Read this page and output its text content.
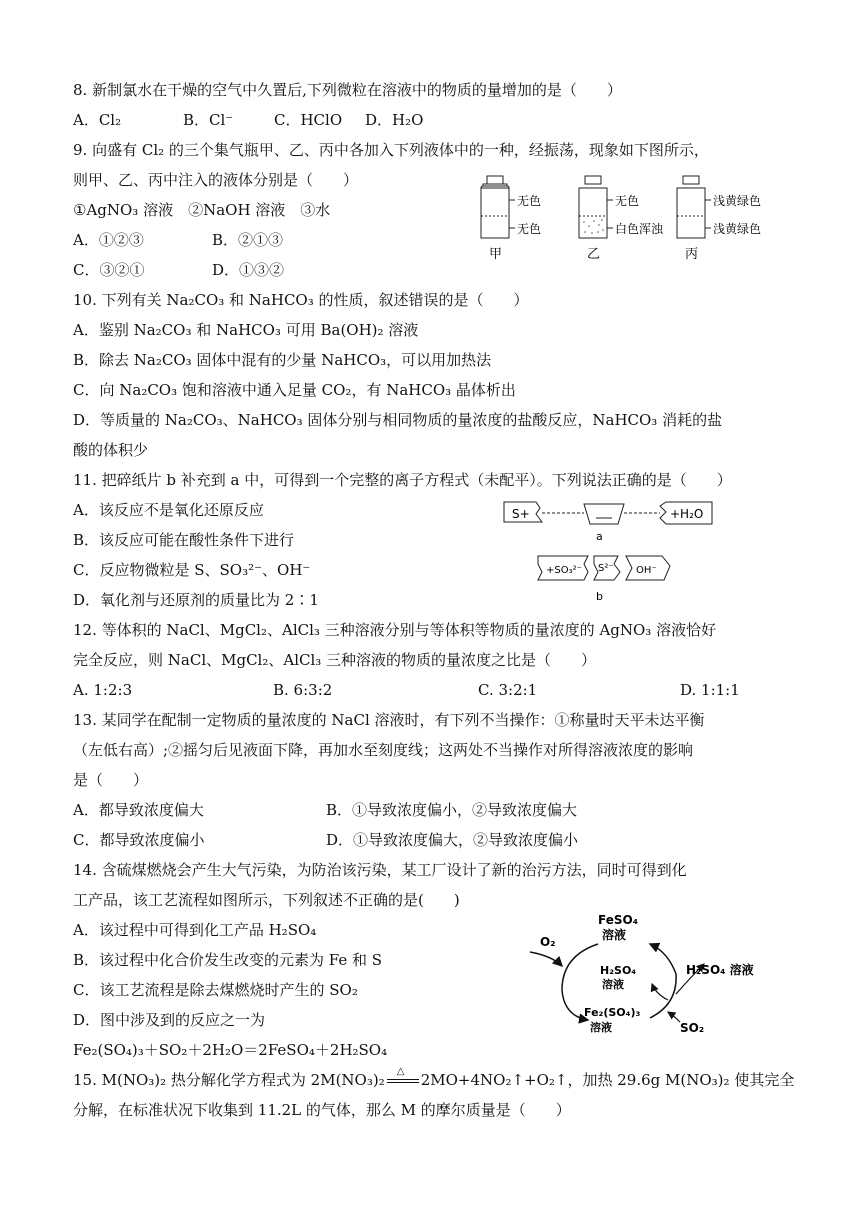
8. 新制氯水在干燥的空气中久置后,下列微粒在溶液中的物质的量增加的是（　　）
A．Cl₂	B．Cl⁻	C．HClO D．H₂O
9. 向盛有 Cl₂ 的三个集气瓶甲、乙、丙中各加入下列液体中的一种，经振荡，现象如下图所示，
则甲、乙、丙中注入的液体分别是（　　）
①AgNO₃ 溶液　②NaOH 溶液　③水
A．①②③	B．②①③
C．③②①	D．①③②
无色
无色
甲
无色
白色浑浊
乙
浅黄绿色
浅黄绿色
丙
10. 下列有关 Na₂CO₃ 和 NaHCO₃ 的性质，叙述错误的是（　　）
A．鉴别 Na₂CO₃ 和 NaHCO₃ 可用 Ba(OH)₂ 溶液
B．除去 Na₂CO₃ 固体中混有的少量 NaHCO₃，可以用加热法
C．向 Na₂CO₃ 饱和溶液中通入足量 CO₂，有 NaHCO₃ 晶体析出
D．等质量的 Na₂CO₃、NaHCO₃ 固体分别与相同物质的量浓度的盐酸反应，NaHCO₃ 消耗的盐
酸的体积少
11. 把碎纸片 b 补充到 a 中，可得到一个完整的离子方程式（未配平）。下列说法正确的是（　　）
A．该反应不是氧化还原反应
B．该反应可能在酸性条件下进行
C．反应物微粒是 S、SO₃²⁻、OH⁻
D．氧化剂与还原剂的质量比为 2∶1
S+	+H₂O
a
+SO₃²⁻ S²⁻ OH⁻
b
12. 等体积的 NaCl、MgCl₂、AlCl₃ 三种溶液分别与等体积等物质的量浓度的 AgNO₃ 溶液恰好
完全反应，则 NaCl、MgCl₂、AlCl₃ 三种溶液的物质的量浓度之比是（　　）
A. 1:2:3	B. 6:3:2	C. 3:2:1	D. 1:1:1
13. 某同学在配制一定物质的量浓度的 NaCl 溶液时，有下列不当操作：①称量时天平未达平衡
（左低右高）;②摇匀后见液面下降，再加水至刻度线；这两处不当操作对所得溶液浓度的影响
是（　　）
A．都导致浓度偏大	B．①导致浓度偏小，②导致浓度偏大
C．都导致浓度偏小	D．①导致浓度偏大，②导致浓度偏小
14. 含硫煤燃烧会产生大气污染，为防治该污染，某工厂设计了新的治污方法，同时可得到化
工产品，该工艺流程如图所示，下列叙述不正确的是(　　)
A．该过程中可得到化工产品 H₂SO₄
B．该过程中化合价发生改变的元素为 Fe 和 S
C．该工艺流程是除去煤燃烧时产生的 SO₂
D．图中涉及到的反应之一为
Fe₂(SO₄)₃＋SO₂＋2H₂O＝2FeSO₄＋2H₂SO₄
FeSO₄
溶液
O₂
H₂SO₄
溶液
H₂SO₄ 溶液
Fe₂(SO₄)₃
溶液	SO₂
15. M(NO₃)₂ 热分解化学方程式为 2M(NO₃)₂ △ 2MO+4NO₂↑+O₂↑，加热 29.6g M(NO₃)₂ 使其完全
分解，在标准状况下收集到 11.2L 的气体，那么 M 的摩尔质量是（　　）
